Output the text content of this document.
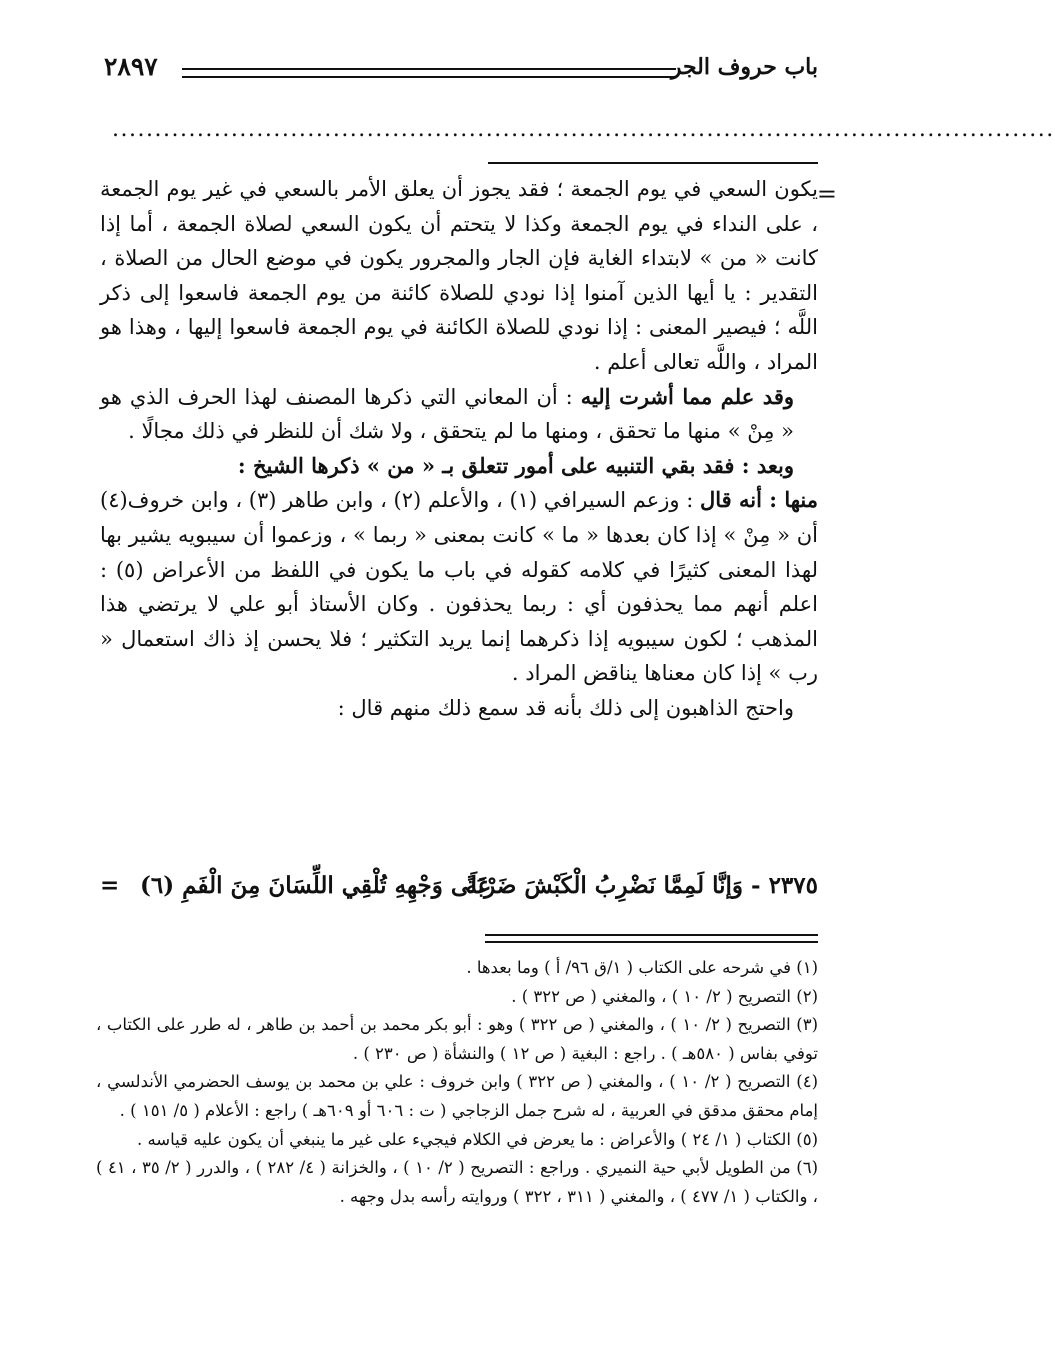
باب حروف الجر
٢٨٩٧
...............................................................................................................
=

يكون السعي في يوم الجمعة ؛ فقد يجوز أن يعلق الأمر بالسعي في غير يوم الجمعة ، على النداء في يوم الجمعة وكذا لا يتحتم أن يكون السعي لصلاة الجمعة ، أما إذا كانت « من » لابتداء الغاية فإن الجار والمجرور يكون في موضع الحال من الصلاة ، التقدير : يا أيها الذين آمنوا إذا نودي للصلاة كائنة من يوم الجمعة فاسعوا إلى ذكر اللَّه ؛ فيصير المعنى : إذا نودي للصلاة الكائنة في يوم الجمعة فاسعوا إليها ، وهذا هو المراد ، واللَّه تعالى أعلم .

وقد علم مما أشرت إليه : أن المعاني التي ذكرها المصنف لهذا الحرف الذي هو « مِنْ » منها ما تحقق ، ومنها ما لم يتحقق ، ولا شك أن للنظر في ذلك مجالًا .

وبعد : فقد بقي التنبيه على أمور تتعلق بـ « من » ذكرها الشيخ :

منها : أنه قال : وزعم السيرافي (١) ، والأعلم (٢) ، وابن طاهر (٣) ، وابن خروف(٤) أن « مِنْ » إذا كان بعدها « ما » كانت بمعنى « ربما » ، وزعموا أن سيبويه يشير بها لهذا المعنى كثيرًا في كلامه كقوله في باب ما يكون في اللفظ من الأعراض (٥) : اعلم أنهم مما يحذفون أي : ربما يحذفون . وكان الأستاذ أبو علي لا يرتضي هذا المذهب ؛ لكون سيبويه إذا ذكرهما إنما يريد التكثير ؛ فلا يحسن إذ ذاك استعمال « رب » إذا كان معناها يناقض المراد .

واحتج الذاهبون إلى ذلك بأنه قد سمع ذلك منهم قال :

٢٣٧٥ - وَإنَّا لَمِمَّا نَضْرِبُ الْكَبْشَ ضَرْبَةً
عَلَى وَجْهِهِ تُلْقِي اللِّسَانَ مِنَ الْفَمِ (٦)
=

(١) في شرحه على الكتاب ( ١/ق ٩٦/ أ ) وما بعدها .

(٢) التصريح ( ٢/ ١٠ ) ، والمغني ( ص ٣٢٢ ) .

(٣) التصريح ( ٢/ ١٠ ) ، والمغني ( ص ٣٢٢ ) وهو : أبو بكر محمد بن أحمد بن طاهر ، له طرر على الكتاب ، توفي بفاس ( ٥٨٠هـ ) . راجع : البغية ( ص ١٢ ) والنشأة ( ص ٢٣٠ ) .

(٤) التصريح ( ٢/ ١٠ ) ، والمغني ( ص ٣٢٢ ) وابن خروف : علي بن محمد بن يوسف الحضرمي الأندلسي ، إمام محقق مدقق في العربية ، له شرح جمل الزجاجي ( ت : ٦٠٦ أو ٦٠٩هـ ) راجع : الأعلام ( ٥/ ١٥١ ) .

(٥) الكتاب ( ١/ ٢٤ ) والأعراض : ما يعرض في الكلام فيجيء على غير ما ينبغي أن يكون عليه قياسه .

(٦) من الطويل لأبي حية النميري . وراجع : التصريح ( ٢/ ١٠ ) ، والخزانة ( ٤/ ٢٨٢ ) ، والدرر ( ٢/ ٣٥ ، ٤١ ) ، والكتاب ( ١/ ٤٧٧ ) ، والمغني ( ٣١١ ، ٣٢٢ ) وروايته رأسه بدل وجهه .
